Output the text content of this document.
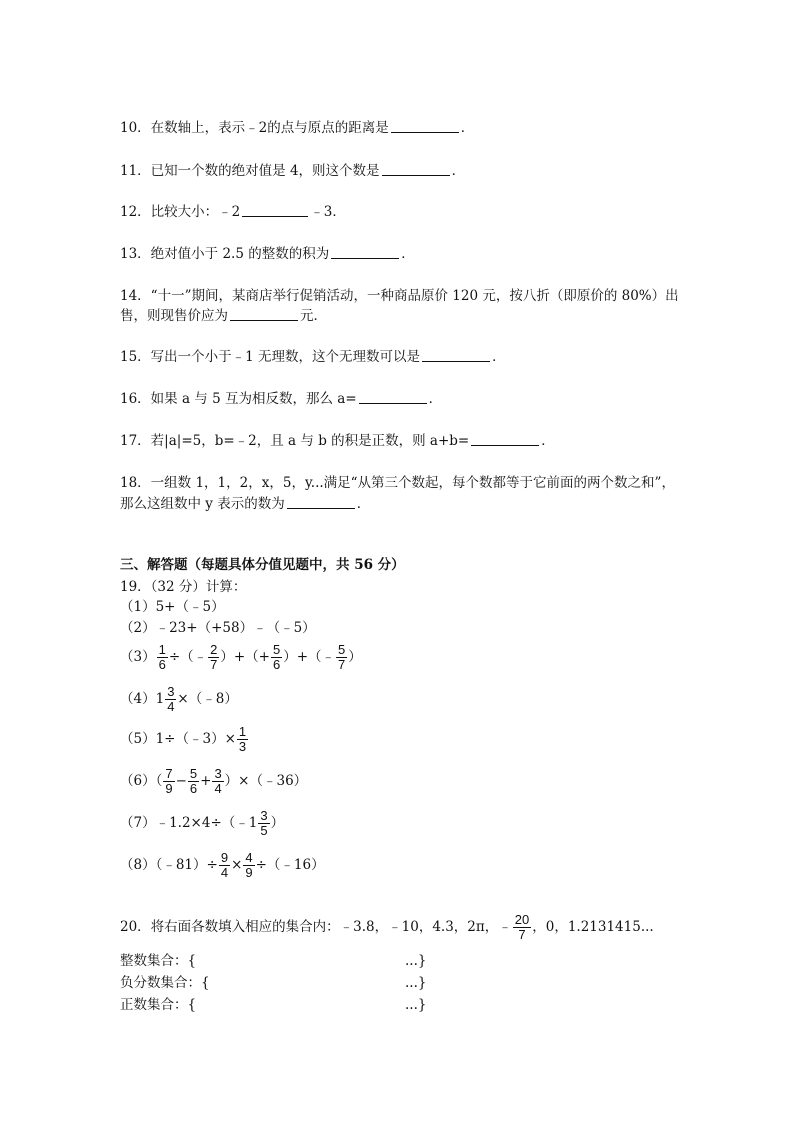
10．在数轴上，表示﹣2的点与原点的距离是	．
11．已知一个数的绝对值是 4，则这个数是	．
12．比较大小：﹣2	﹣3．
13．绝对值小于 2.5 的整数的积为	．
14．“十一”期间，某商店举行促销活动，一种商品原价 120 元，按八折（即原价的 80%）出
售，则现售价应为	元．
15．写出一个小于﹣1 无理数，这个无理数可以是	．
16．如果 a 与 5 互为相反数，那么 a=	．
17．若|a|=5，b=﹣2，且 a 与 b 的积是正数，则 a+b=	．
18．一组数 1，1，2，x，5，y...满足“从第三个数起，每个数都等于它前面的两个数之和”，
那么这组数中 y 表示的数为	．
三、解答题（每题具体分值见题中，共 56 分）
19．（32 分）计算：
（1）5+（﹣5）
（2）﹣23+（+58）﹣（﹣5）
$(3) \frac{1}{6}$ ÷（﹣ $\frac{2}{7}$ ）+（+ $\frac{5}{6}$ ）+（﹣ $\frac{5}{7}$ ）
$(4)1 \frac{3}{4}$ ×（﹣8）
（5）1÷（﹣3）× $\frac{1}{3}$
$(6)( \frac{7}{9} - \frac{5}{6} + \frac{3}{4}$ ）×（﹣36）
（7）﹣1.2×4÷（﹣1 $\frac{3}{5}$ ）
（8）（﹣81）÷ $\frac{9}{4} \times \frac{4}{9}$ ÷（﹣16）
20．将右面各数填入相应的集合内：﹣3.8，﹣10，4.3，2π，﹣ $\frac{20}{7}$ ，0，1.2131415...
整数集合：{	...}
负分数集合：{	...}
正数集合：{	...}
